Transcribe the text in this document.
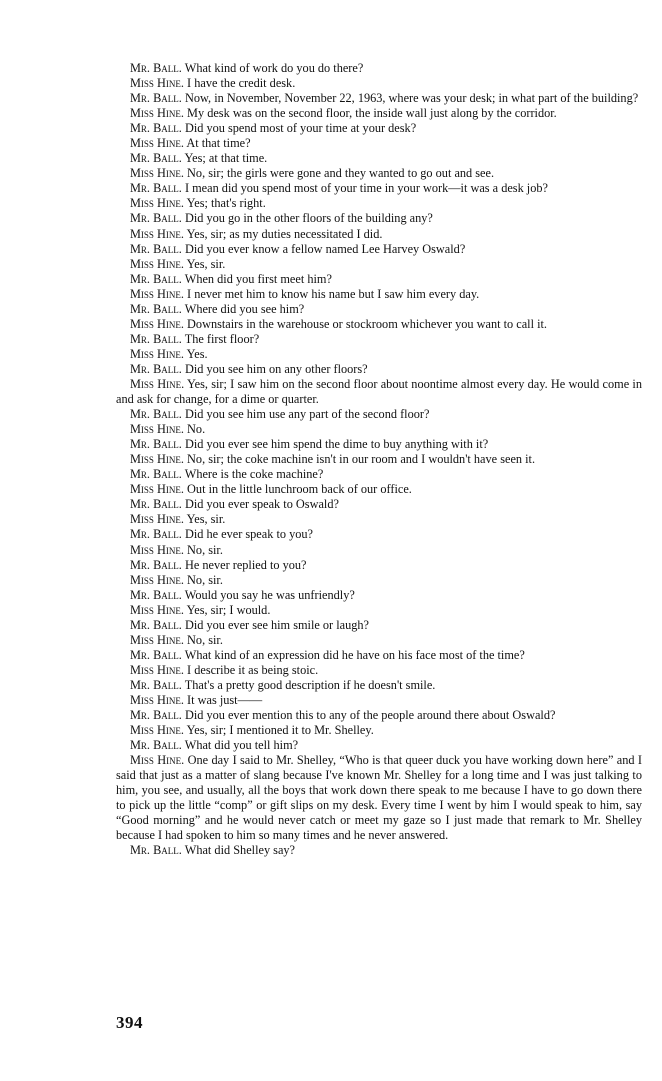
Mr. Ball. What kind of work do you do there?

Miss Hine. I have the credit desk.

Mr. Ball. Now, in November, November 22, 1963, where was your desk; in what part of the building?

Miss Hine. My desk was on the second floor, the inside wall just along by the corridor.

Mr. Ball. Did you spend most of your time at your desk?

Miss Hine. At that time?

Mr. Ball. Yes; at that time.

Miss Hine. No, sir; the girls were gone and they wanted to go out and see.

Mr. Ball. I mean did you spend most of your time in your work—it was a desk job?

Miss Hine. Yes; that's right.

Mr. Ball. Did you go in the other floors of the building any?

Miss Hine. Yes, sir; as my duties necessitated I did.

Mr. Ball. Did you ever know a fellow named Lee Harvey Oswald?

Miss Hine. Yes, sir.

Mr. Ball. When did you first meet him?

Miss Hine. I never met him to know his name but I saw him every day.

Mr. Ball. Where did you see him?

Miss Hine. Downstairs in the warehouse or stockroom whichever you want to call it.

Mr. Ball. The first floor?

Miss Hine. Yes.

Mr. Ball. Did you see him on any other floors?

Miss Hine. Yes, sir; I saw him on the second floor about noontime almost every day. He would come in and ask for change, for a dime or quarter.

Mr. Ball. Did you see him use any part of the second floor?

Miss Hine. No.

Mr. Ball. Did you ever see him spend the dime to buy anything with it?

Miss Hine. No, sir; the coke machine isn't in our room and I wouldn't have seen it.

Mr. Ball. Where is the coke machine?

Miss Hine. Out in the little lunchroom back of our office.

Mr. Ball. Did you ever speak to Oswald?

Miss Hine. Yes, sir.

Mr. Ball. Did he ever speak to you?

Miss Hine. No, sir.

Mr. Ball. He never replied to you?

Miss Hine. No, sir.

Mr. Ball. Would you say he was unfriendly?

Miss Hine. Yes, sir; I would.

Mr. Ball. Did you ever see him smile or laugh?

Miss Hine. No, sir.

Mr. Ball. What kind of an expression did he have on his face most of the time?

Miss Hine. I describe it as being stoic.

Mr. Ball. That's a pretty good description if he doesn't smile.

Miss Hine. It was just——

Mr. Ball. Did you ever mention this to any of the people around there about Oswald?

Miss Hine. Yes, sir; I mentioned it to Mr. Shelley.

Mr. Ball. What did you tell him?

Miss Hine. One day I said to Mr. Shelley, “Who is that queer duck you have working down here” and I said that just as a matter of slang because I've known Mr. Shelley for a long time and I was just talking to him, you see, and usually, all the boys that work down there speak to me because I have to go down there to pick up the little “comp” or gift slips on my desk. Every time I went by him I would speak to him, say “Good morning” and he would never catch or meet my gaze so I just made that remark to Mr. Shelley because I had spoken to him so many times and he never answered.

Mr. Ball. What did Shelley say?

394
